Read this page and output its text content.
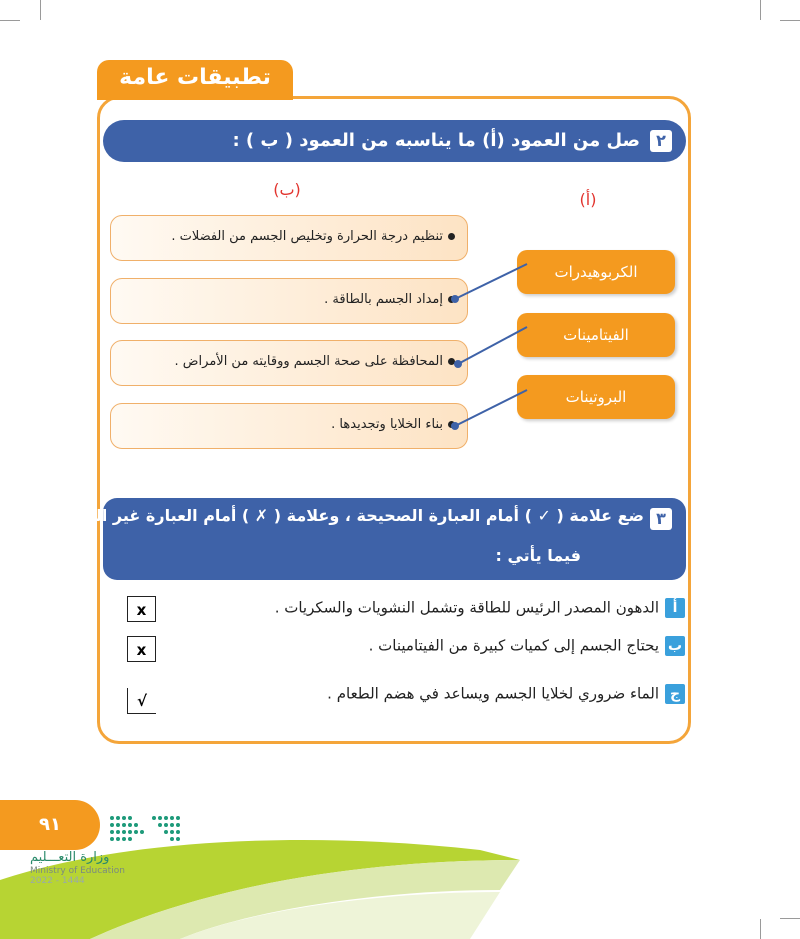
تطبيقات عامة
٢
صل من العمود (أ) ما يناسبه من العمود ( ب ) :
(ب)
(أ)
تنظيم درجة الحرارة وتخليص الجسم من الفضلات .
إمداد الجسم بالطاقة .
المحافظة على صحة الجسم ووقايته من الأمراض .
بناء الخلايا وتجديدها .
الكربوهيدرات
الفيتامينات
البروتينات
٣
ضع علامة ( ✓ ) أمام العبارة الصحيحة ، وعلامة ( ✗ ) أمام العبارة غير الصحيحة ،
فيما يأتي :
أالدهون المصدر الرئيس للطاقة وتشمل النشويات والسكريات .
x
بيحتاج الجسم إلى كميات كبيرة من الفيتامينات .
x
جالماء ضروري لخلايا الجسم ويساعد في هضم الطعام .
√
٩١
وزارة التعـــليم
Ministry of Education
2022 - 1444
